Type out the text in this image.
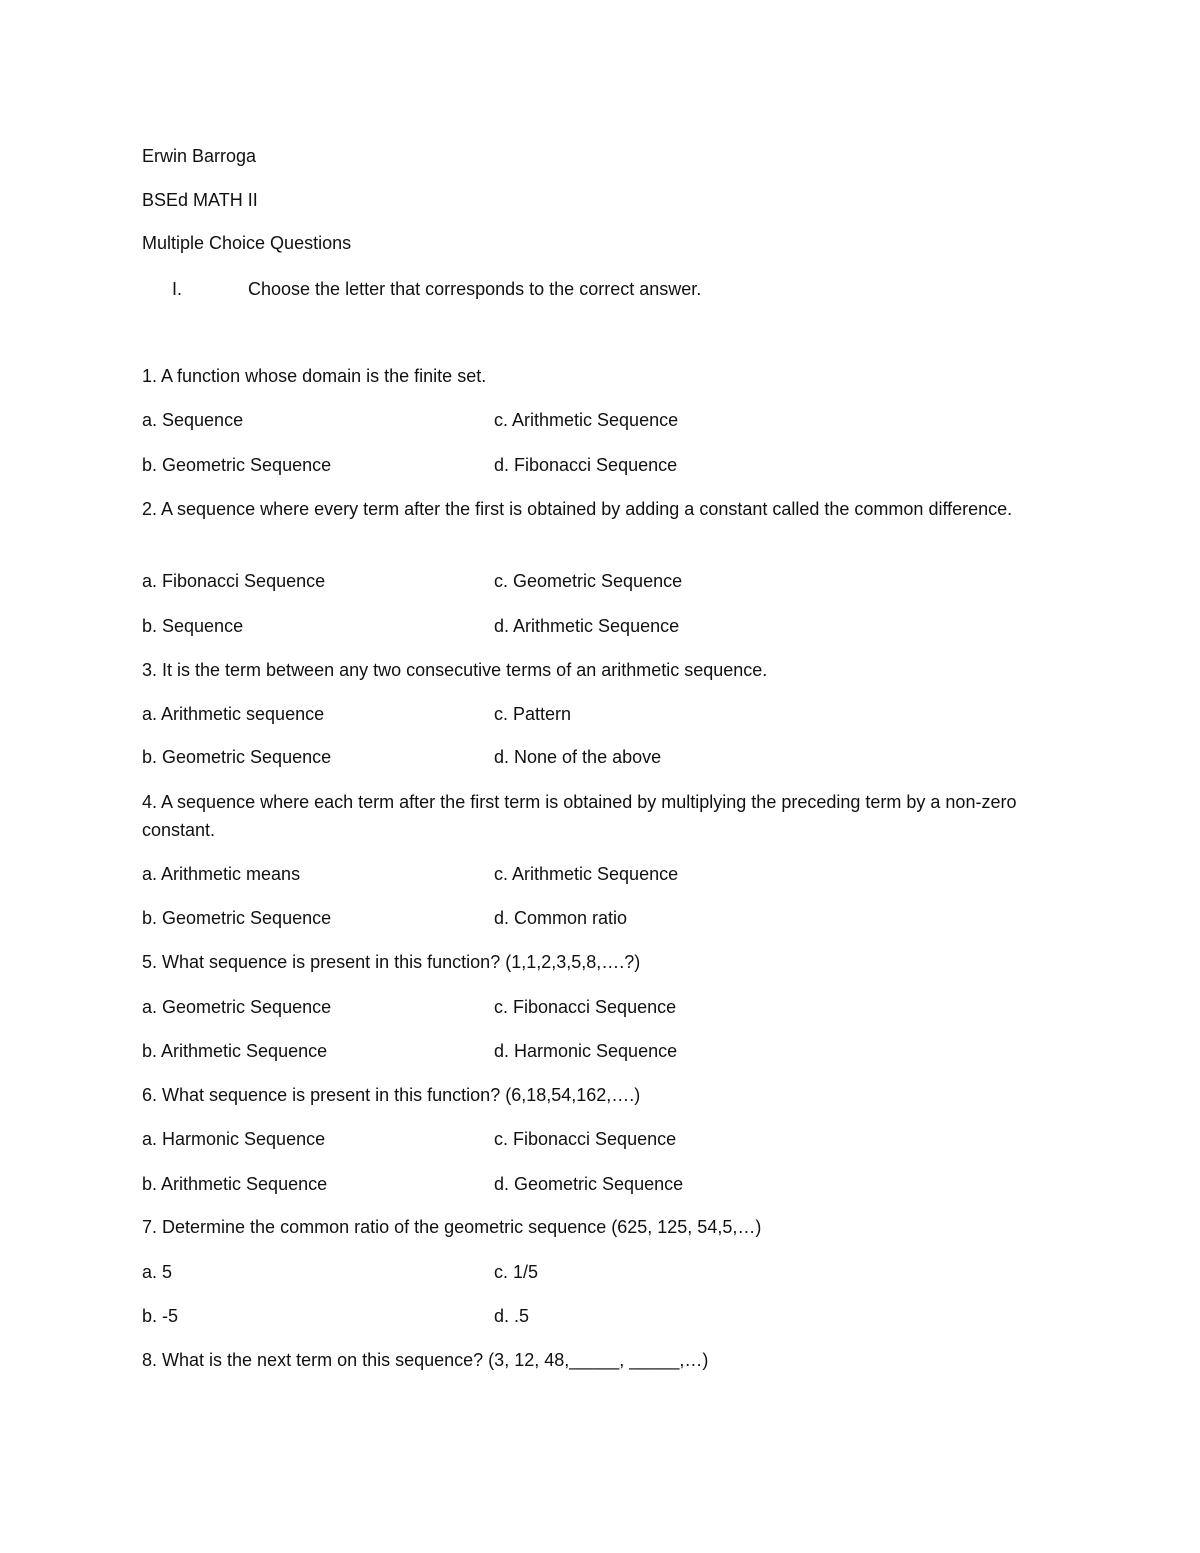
Erwin Barroga
BSEd MATH II
Multiple Choice Questions
I.	Choose the letter that corresponds to the correct answer.
1. A function whose domain is the finite set.
a. Sequence	c. Arithmetic Sequence
b. Geometric Sequence	d. Fibonacci Sequence
2. A sequence where every term after the first is obtained by adding a constant called the common difference.
a. Fibonacci Sequence	c. Geometric Sequence
b. Sequence	d. Arithmetic Sequence
3. It is the term between any two consecutive terms of an arithmetic sequence.
a. Arithmetic sequence	c. Pattern
b. Geometric Sequence	d. None of the above
4. A sequence where each term after the first term is obtained by multiplying the preceding term by a non-zero constant.
a. Arithmetic means	c. Arithmetic Sequence
b. Geometric Sequence	d. Common ratio
5. What sequence is present in this function? (1,1,2,3,5,8,….?)
a. Geometric Sequence	c. Fibonacci Sequence
b. Arithmetic Sequence	d. Harmonic Sequence
6. What sequence is present in this function? (6,18,54,162,….)
a. Harmonic Sequence	c. Fibonacci Sequence
b. Arithmetic Sequence	d. Geometric Sequence
7. Determine the common ratio of the geometric sequence (625, 125, 54,5,…)
a. 5	c. 1/5
b. -5	d. .5
8. What is the next term on this sequence? (3, 12, 48,_____, _____,…)
